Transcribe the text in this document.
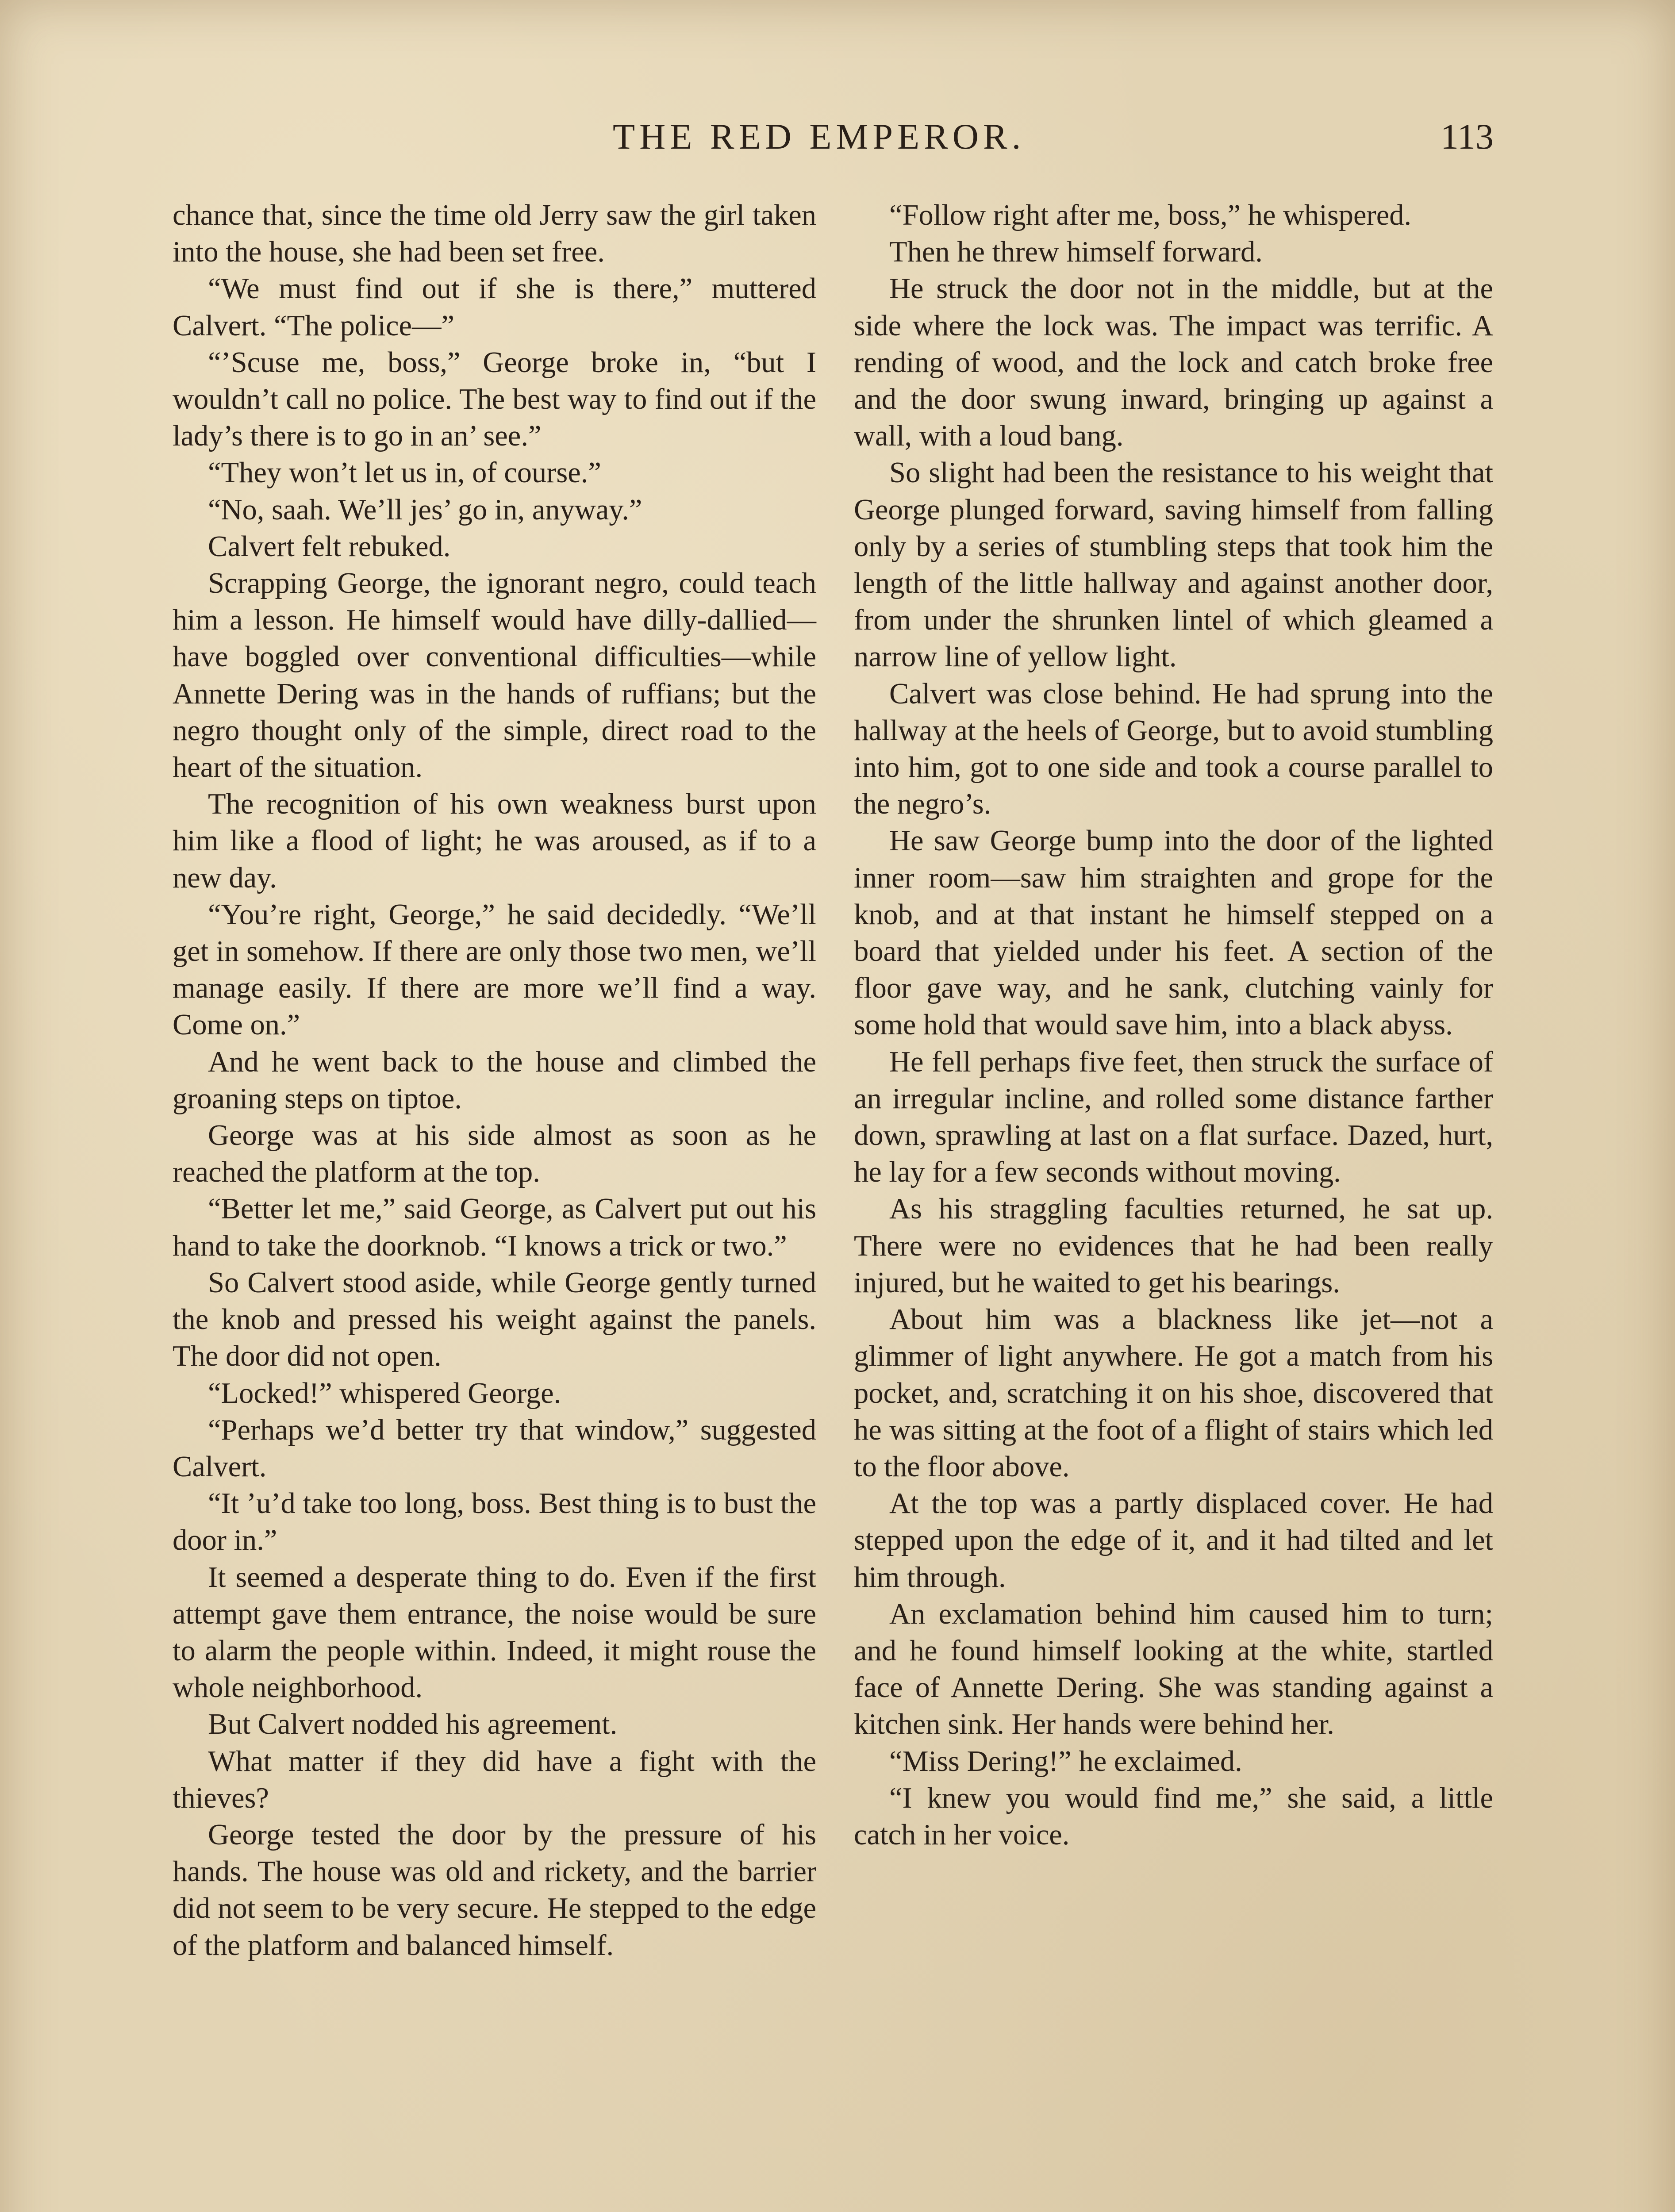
THE RED EMPEROR.	113

chance that, since the time old Jerry saw the girl taken into the house, she had been set free.

“We must find out if she is there,” muttered Calvert. “The police—”

“’Scuse me, boss,” George broke in, “but I wouldn’t call no police. The best way to find out if the lady’s there is to go in an’ see.”

“They won’t let us in, of course.”

“No, saah. We’ll jes’ go in, anyway.”

Calvert felt rebuked.

Scrapping George, the ignorant negro, could teach him a lesson. He himself would have dilly-dallied—have boggled over conventional difficulties—while Annette Dering was in the hands of ruffians; but the negro thought only of the simple, direct road to the heart of the situation.

The recognition of his own weakness burst upon him like a flood of light; he was aroused, as if to a new day.

“You’re right, George,” he said decidedly. “We’ll get in somehow. If there are only those two men, we’ll manage easily. If there are more we’ll find a way. Come on.”

And he went back to the house and climbed the groaning steps on tiptoe.

George was at his side almost as soon as he reached the platform at the top.

“Better let me,” said George, as Calvert put out his hand to take the doorknob. “I knows a trick or two.”

So Calvert stood aside, while George gently turned the knob and pressed his weight against the panels. The door did not open.

“Locked!” whispered George.

“Perhaps we’d better try that window,” suggested Calvert.

“It ’u’d take too long, boss. Best thing is to bust the door in.”

It seemed a desperate thing to do. Even if the first attempt gave them entrance, the noise would be sure to alarm the people within. Indeed, it might rouse the whole neighborhood.

But Calvert nodded his agreement.

What matter if they did have a fight with the thieves?

George tested the door by the pressure of his hands. The house was old and rickety, and the barrier did not seem to be very secure. He stepped to the edge of the platform and balanced himself.

“Follow right after me, boss,” he whispered.

Then he threw himself forward.

He struck the door not in the middle, but at the side where the lock was. The impact was terrific. A rending of wood, and the lock and catch broke free and the door swung inward, bringing up against a wall, with a loud bang.

So slight had been the resistance to his weight that George plunged forward, saving himself from falling only by a series of stumbling steps that took him the length of the little hallway and against another door, from under the shrunken lintel of which gleamed a narrow line of yellow light.

Calvert was close behind. He had sprung into the hallway at the heels of George, but to avoid stumbling into him, got to one side and took a course parallel to the negro’s.

He saw George bump into the door of the lighted inner room—saw him straighten and grope for the knob, and at that instant he himself stepped on a board that yielded under his feet. A section of the floor gave way, and he sank, clutching vainly for some hold that would save him, into a black abyss.

He fell perhaps five feet, then struck the surface of an irregular incline, and rolled some distance farther down, sprawling at last on a flat surface. Dazed, hurt, he lay for a few seconds without moving.

As his straggling faculties returned, he sat up. There were no evidences that he had been really injured, but he waited to get his bearings.

About him was a blackness like jet—not a glimmer of light anywhere. He got a match from his pocket, and, scratching it on his shoe, discovered that he was sitting at the foot of a flight of stairs which led to the floor above.

At the top was a partly displaced cover. He had stepped upon the edge of it, and it had tilted and let him through.

An exclamation behind him caused him to turn; and he found himself looking at the white, startled face of Annette Dering. She was standing against a kitchen sink. Her hands were behind her.

“Miss Dering!” he exclaimed.

“I knew you would find me,” she said, a little catch in her voice.
